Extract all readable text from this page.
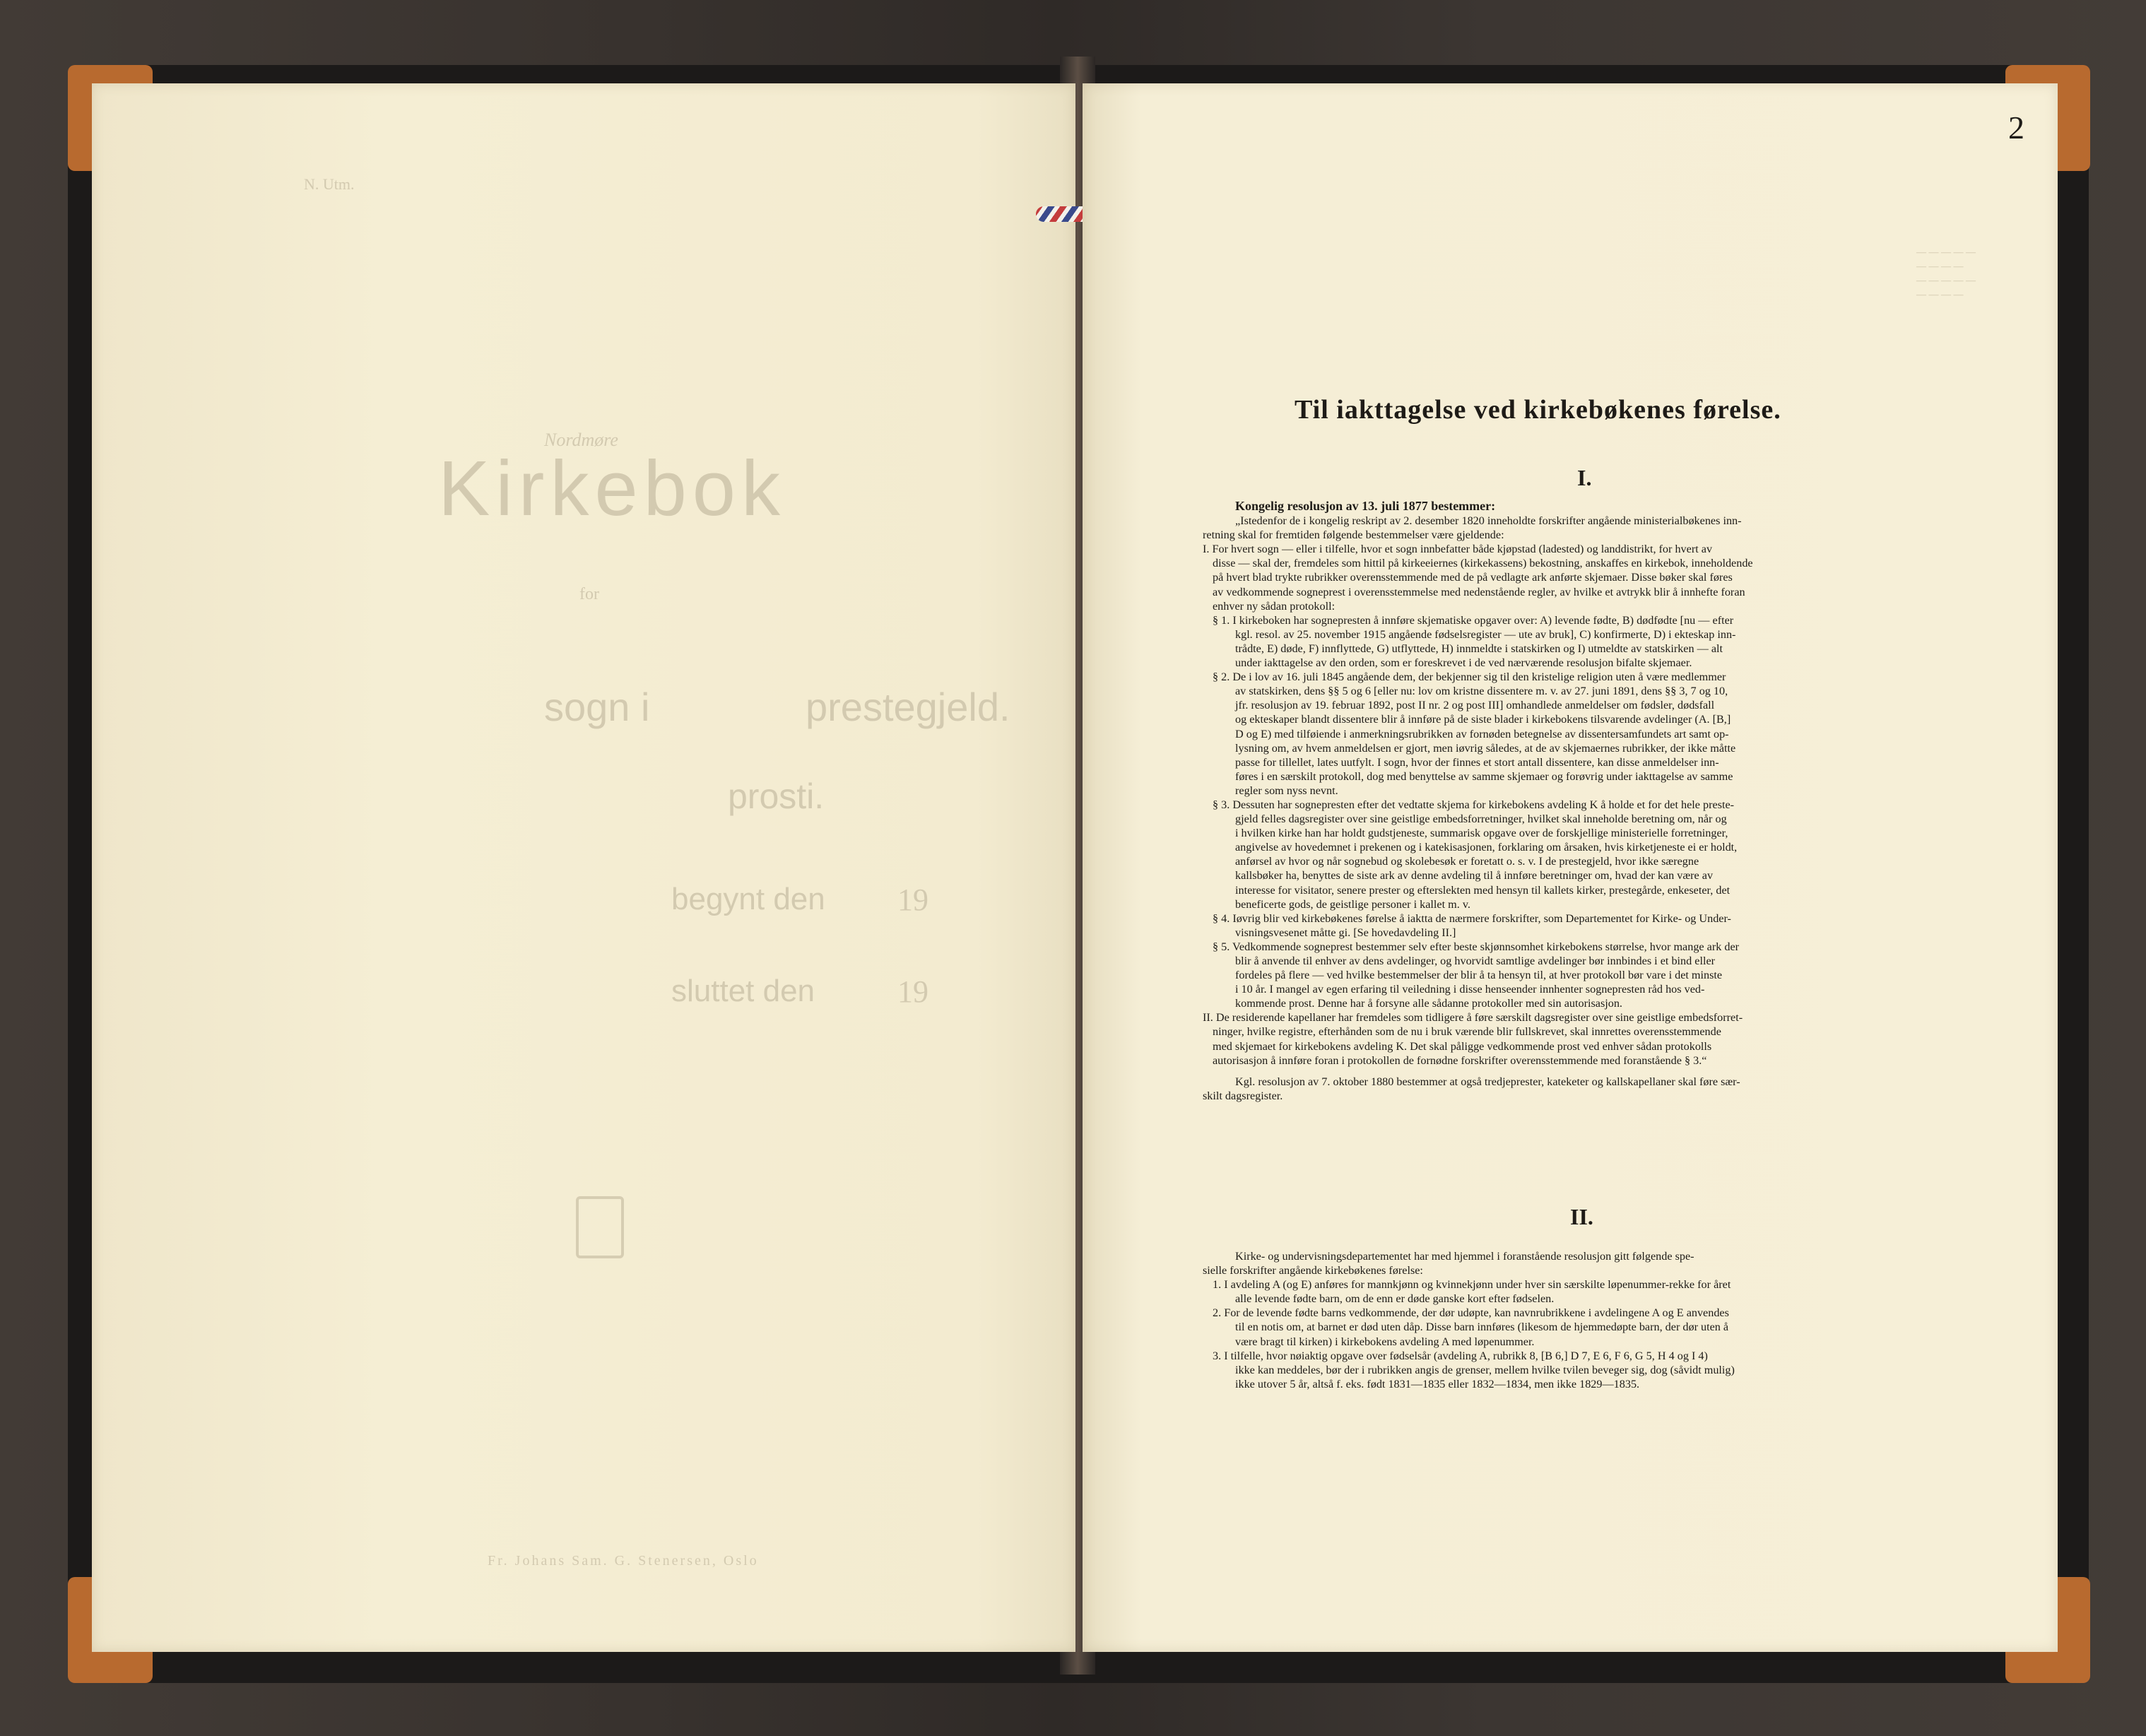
N. Utm.
Nordmøre
Kirkebok
for
sogn i	prestegjeld.
prosti.
begynt den 19
sluttet den	19
Fr. Johans Sam. G. Stenersen, Oslo
2
— — — — —
— — — —
— — — — —
— — — —
Til iakttagelse ved kirkebøkenes førelse.
I.
Kongelig resolusjon av 13. juli 1877 bestemmer:
„Istedenfor de i kongelig reskript av 2. desember 1820 inneholdte forskrifter angående ministerialbøkenes inn-
retning skal for fremtiden følgende bestemmelser være gjeldende:
I. For hvert sogn — eller i tilfelle, hvor et sogn innbefatter både kjøpstad (ladested) og landdistrikt, for hvert av
disse — skal der, fremdeles som hittil på kirkeeiernes (kirkekassens) bekostning, anskaffes en kirkebok, inneholdende
på hvert blad trykte rubrikker overensstemmende med de på vedlagte ark anførte skjemaer. Disse bøker skal føres
av vedkommende sogneprest i overensstemmelse med nedenstående regler, av hvilke et avtrykk blir å innhefte foran
enhver ny sådan protokoll:
§ 1. I kirkeboken har sognepresten å innføre skjematiske opgaver over: A) levende fødte, B) dødfødte [nu — efter
kgl. resol. av 25. november 1915 angående fødselsregister — ute av bruk], C) konfirmerte, D) i ekteskap inn-
trådte, E) døde, F) innflyttede, G) utflyttede, H) innmeldte i statskirken og I) utmeldte av statskirken — alt
under iakttagelse av den orden, som er foreskrevet i de ved nærværende resolusjon bifalte skjemaer.
§ 2. De i lov av 16. juli 1845 angående dem, der bekjenner sig til den kristelige religion uten å være medlemmer
av statskirken, dens §§ 5 og 6 [eller nu: lov om kristne dissentere m. v. av 27. juni 1891, dens §§ 3, 7 og 10,
jfr. resolusjon av 19. februar 1892, post II nr. 2 og post III] omhandlede anmeldelser om fødsler, dødsfall
og ekteskaper blandt dissentere blir å innføre på de siste blader i kirkebokens tilsvarende avdelinger (A. [B,]
D og E) med tilføiende i anmerkningsrubrikken av fornøden betegnelse av dissentersamfundets art samt op-
lysning om, av hvem anmeldelsen er gjort, men iøvrig således, at de av skjemaernes rubrikker, der ikke måtte
passe for tillellet, lates uutfylt. I sogn, hvor der finnes et stort antall dissentere, kan disse anmeldelser inn-
føres i en særskilt protokoll, dog med benyttelse av samme skjemaer og forøvrig under iakttagelse av samme
regler som nyss nevnt.
§ 3. Dessuten har sognepresten efter det vedtatte skjema for kirkebokens avdeling K å holde et for det hele preste-
gjeld felles dagsregister over sine geistlige embedsforretninger, hvilket skal inneholde beretning om, når og
i hvilken kirke han har holdt gudstjeneste, summarisk opgave over de forskjellige ministerielle forretninger,
angivelse av hovedemnet i prekenen og i katekisasjonen, forklaring om årsaken, hvis kirketjeneste ei er holdt,
anførsel av hvor og når sognebud og skolebesøk er foretatt o. s. v. I de prestegjeld, hvor ikke særegne
kallsbøker ha, benyttes de siste ark av denne avdeling til å innføre beretninger om, hvad der kan være av
interesse for visitator, senere prester og efterslekten med hensyn til kallets kirker, prestegårde, enkeseter, det
beneficerte gods, de geistlige personer i kallet m. v.
§ 4. Iøvrig blir ved kirkebøkenes førelse å iaktta de nærmere forskrifter, som Departementet for Kirke- og Under-
visningsvesenet måtte gi. [Se hovedavdeling II.]
§ 5. Vedkommende sogneprest bestemmer selv efter beste skjønnsomhet kirkebokens størrelse, hvor mange ark der
blir å anvende til enhver av dens avdelinger, og hvorvidt samtlige avdelinger bør innbindes i et bind eller
fordeles på flere — ved hvilke bestemmelser der blir å ta hensyn til, at hver protokoll bør vare i det minste
i 10 år. I mangel av egen erfaring til veiledning i disse henseender innhenter sognepresten råd hos ved-
kommende prost. Denne har å forsyne alle sådanne protokoller med sin autorisasjon.
II. De residerende kapellaner har fremdeles som tidligere å føre særskilt dagsregister over sine geistlige embedsforret-
ninger, hvilke registre, efterhånden som de nu i bruk værende blir fullskrevet, skal innrettes overensstemmende
med skjemaet for kirkebokens avdeling K. Det skal påligge vedkommende prost ved enhver sådan protokolls
autorisasjon å innføre foran i protokollen de fornødne forskrifter overensstemmende med foranstående § 3.“
Kgl. resolusjon av 7. oktober 1880 bestemmer at også tredjeprester, kateketer og kallskapellaner skal føre sær-
skilt dagsregister.
II.
Kirke- og undervisningsdepartementet har med hjemmel i foranstående resolusjon gitt følgende spe-
sielle forskrifter angående kirkebøkenes førelse:
1. I avdeling A (og E) anføres for mannkjønn og kvinnekjønn under hver sin særskilte løpenummer-rekke for året
alle levende fødte barn, om de enn er døde ganske kort efter fødselen.
2. For de levende fødte barns vedkommende, der dør udøpte, kan navnrubrikkene i avdelingene A og E anvendes
til en notis om, at barnet er død uten dåp. Disse barn innføres (likesom de hjemmedøpte barn, der dør uten å
være bragt til kirken) i kirkebokens avdeling A med løpenummer.
3. I tilfelle, hvor nøiaktig opgave over fødselsår (avdeling A, rubrikk 8, [B 6,] D 7, E 6, F 6, G 5, H 4 og I 4)
ikke kan meddeles, bør der i rubrikken angis de grenser, mellem hvilke tvilen beveger sig, dog (såvidt mulig)
ikke utover 5 år, altså f. eks. født 1831—1835 eller 1832—1834, men ikke 1829—1835.
